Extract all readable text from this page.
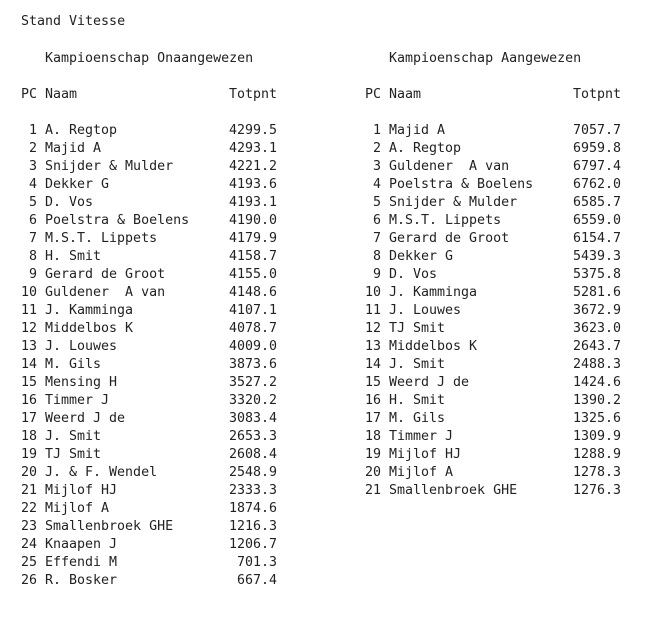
Stand Vitesse
Kampioenschap Onaangewezen	Kampioenschap Aangewezen
PC Naam	Totpnt	PC Naam	Totpnt
1 A. Regtop	4299.5
2 Majid A	4293.1
3 Snijder & Mulder	4221.2
4 Dekker G	4193.6
5 D. Vos	4193.1
6 Poelstra & Boelens	4190.0
7 M.S.T. Lippets	4179.9
8 H. Smit	4158.7
9 Gerard de Groot	4155.0
10 Guldener  A van	4148.6
11 J. Kamminga	4107.1
12 Middelbos K	4078.7
13 J. Louwes	4009.0
14 M. Gils	3873.6
15 Mensing H	3527.2
16 Timmer J	3320.2
17 Weerd J de	3083.4
18 J. Smit	2653.3
19 TJ Smit	2608.4
20 J. & F. Wendel	2548.9
21 Mijlof HJ	2333.3
22 Mijlof A	1874.6
23 Smallenbroek GHE	1216.3
24 Knaapen J	1206.7
25 Effendi M	701.3
26 R. Bosker	667.4
1 Majid A	7057.7
2 A. Regtop	6959.8
3 Guldener  A van	6797.4
4 Poelstra & Boelens	6762.0
5 Snijder & Mulder	6585.7
6 M.S.T. Lippets	6559.0
7 Gerard de Groot	6154.7
8 Dekker G	5439.3
9 D. Vos	5375.8
10 J. Kamminga	5281.6
11 J. Louwes	3672.9
12 TJ Smit	3623.0
13 Middelbos K	2643.7
14 J. Smit	2488.3
15 Weerd J de	1424.6
16 H. Smit	1390.2
17 M. Gils	1325.6
18 Timmer J	1309.9
19 Mijlof HJ	1288.9
20 Mijlof A	1278.3
21 Smallenbroek GHE	1276.3
